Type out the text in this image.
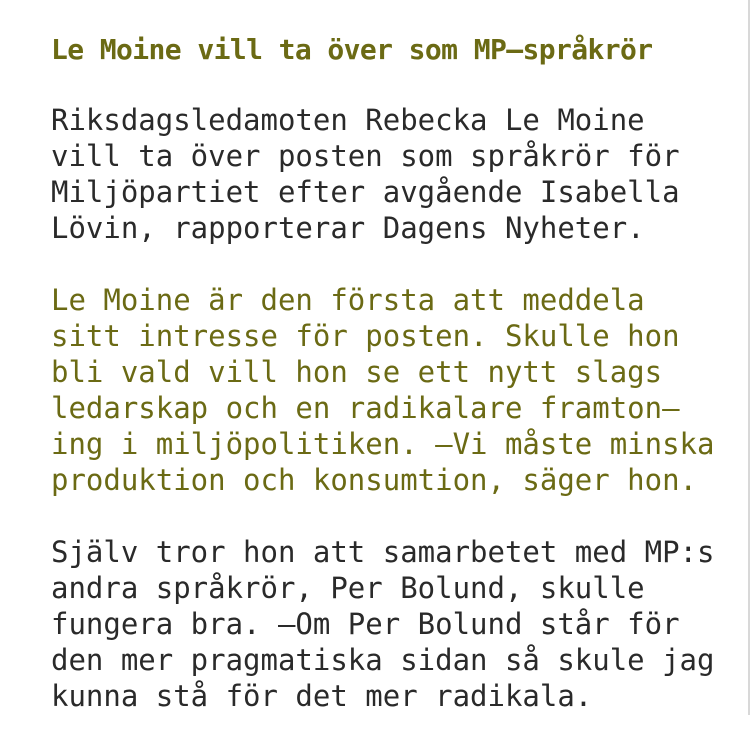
Le Moine vill ta över som MP–språkrör
Riksdagsledamoten Rebecka Le Moine
vill ta över posten som språkrör för
Miljöpartiet efter avgående Isabella
Lövin, rapporterar Dagens Nyheter.
Le Moine är den första att meddela
sitt intresse för posten. Skulle hon
bli vald vill hon se ett nytt slags
ledarskap och en radikalare framton–
ing i miljöpolitiken. –Vi måste minska
produktion och konsumtion, säger hon.
Själv tror hon att samarbetet med MP:s
andra språkrör, Per Bolund, skulle
fungera bra. –Om Per Bolund står för
den mer pragmatiska sidan så skule jag
kunna stå för det mer radikala.
